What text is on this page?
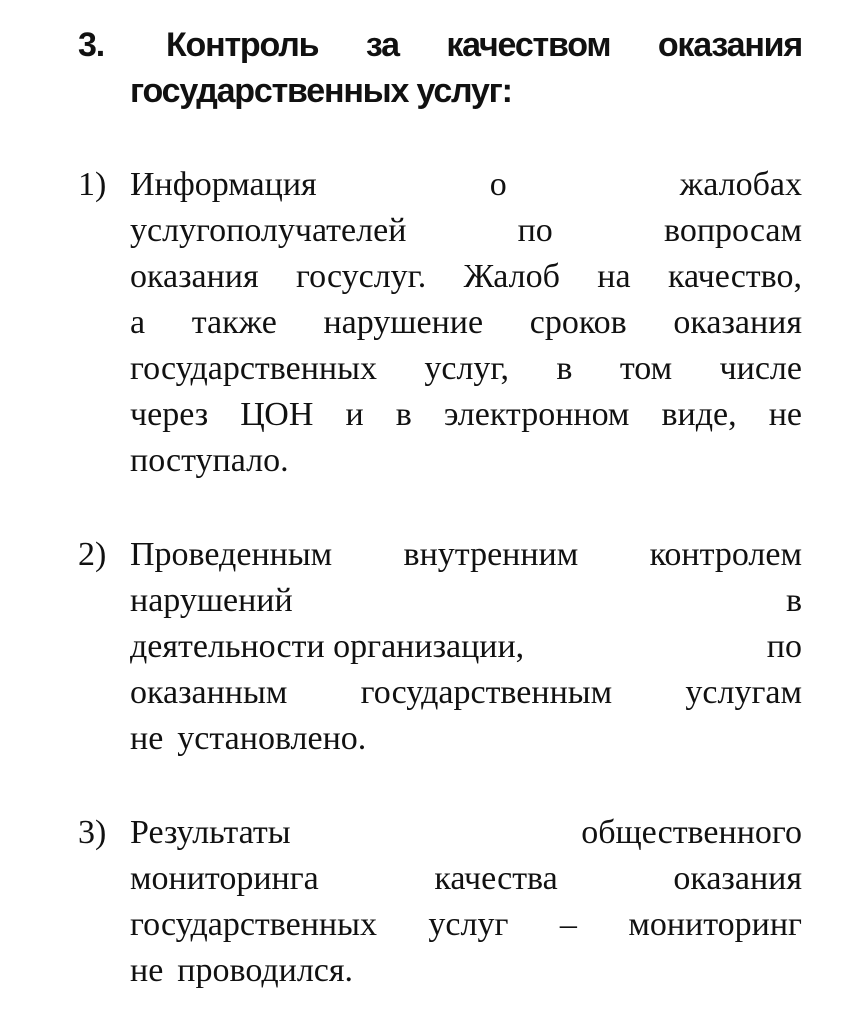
3.	Контроль за качеством оказания
государственных услуг:
1) Информация	о	жалобах
услугополучателей	по	вопросам
оказания госуслуг. Жалоб на качество,
а также нарушение сроков оказания
государственных услуг, в том числе
через ЦОН и в электронном виде, не
поступало.
2) Проведенным внутренним контролем
нарушений	в
деятельности организации,	по
оказанным государственным услугам
не установлено.
3) Результаты	общественного
мониторинга	качества	оказания
государственных услуг – мониторинг
не проводился.
